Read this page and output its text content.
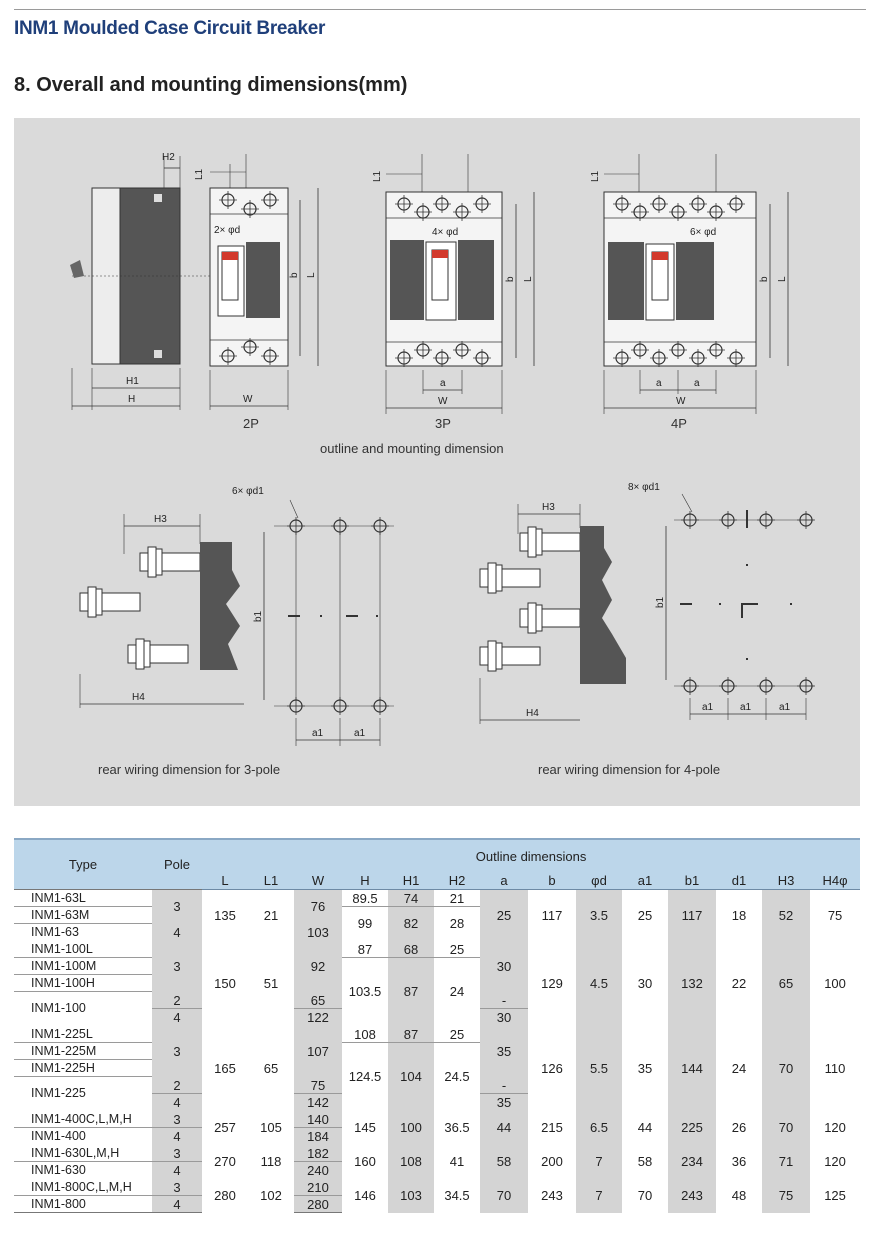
INM1 Moulded Case Circuit Breaker
8. Overall and mounting dimensions(mm)
H2
H1
H
L1
2× φd
b L
W
2P
L1
4× φd
b L
a
W
3P
L1
6× φd
b L
a	a
W
4P
outline and mounting dimension
H3
H4
b1
6× φd1
a1	a1
H3
H4
b1
8× φd1
a1	a1	a1
rear wiring dimension for 3-pole	rear wiring dimension for 4-pole
Type	Pole	Outline dimensions													
		L	L1	W	H	H1	H2	a	b	φd	a1	b1	d1	H3	H4φ
INM1-63L	3	135	21	76	89.5	74	21	25	117	3.5	25	117	18	52	75
INM1-63M					99	82	28								
INM1-63	4			103											
INM1-100L	3	150	51	92	87	68	25	30	129	4.5	30	132	22	65	100
INM1-100M					103.5	87	24								
INM1-100H															
INM1-100	2			65				-							
	4			122				30							
INM1-225L	3	165	65	107	108	87	25	35	126	5.5	35	144	24	70	110
INM1-225M					124.5	104	24.5								
INM1-225H															
INM1-225	2			75				-							
	4			142				35							
INM1-400C,L,M,H	3	257	105	140	145	100	36.5	44	215	6.5	44	225	26	70	120
INM1-400	4			184											
INM1-630L,M,H	3	270	118	182	160	108	41	58	200	7	58	234	36	71	120
INM1-630	4			240											
INM1-800C,L,M,H	3	280	102	210	146	103	34.5	70	243	7	70	243	48	75	125
INM1-800	4			280											
